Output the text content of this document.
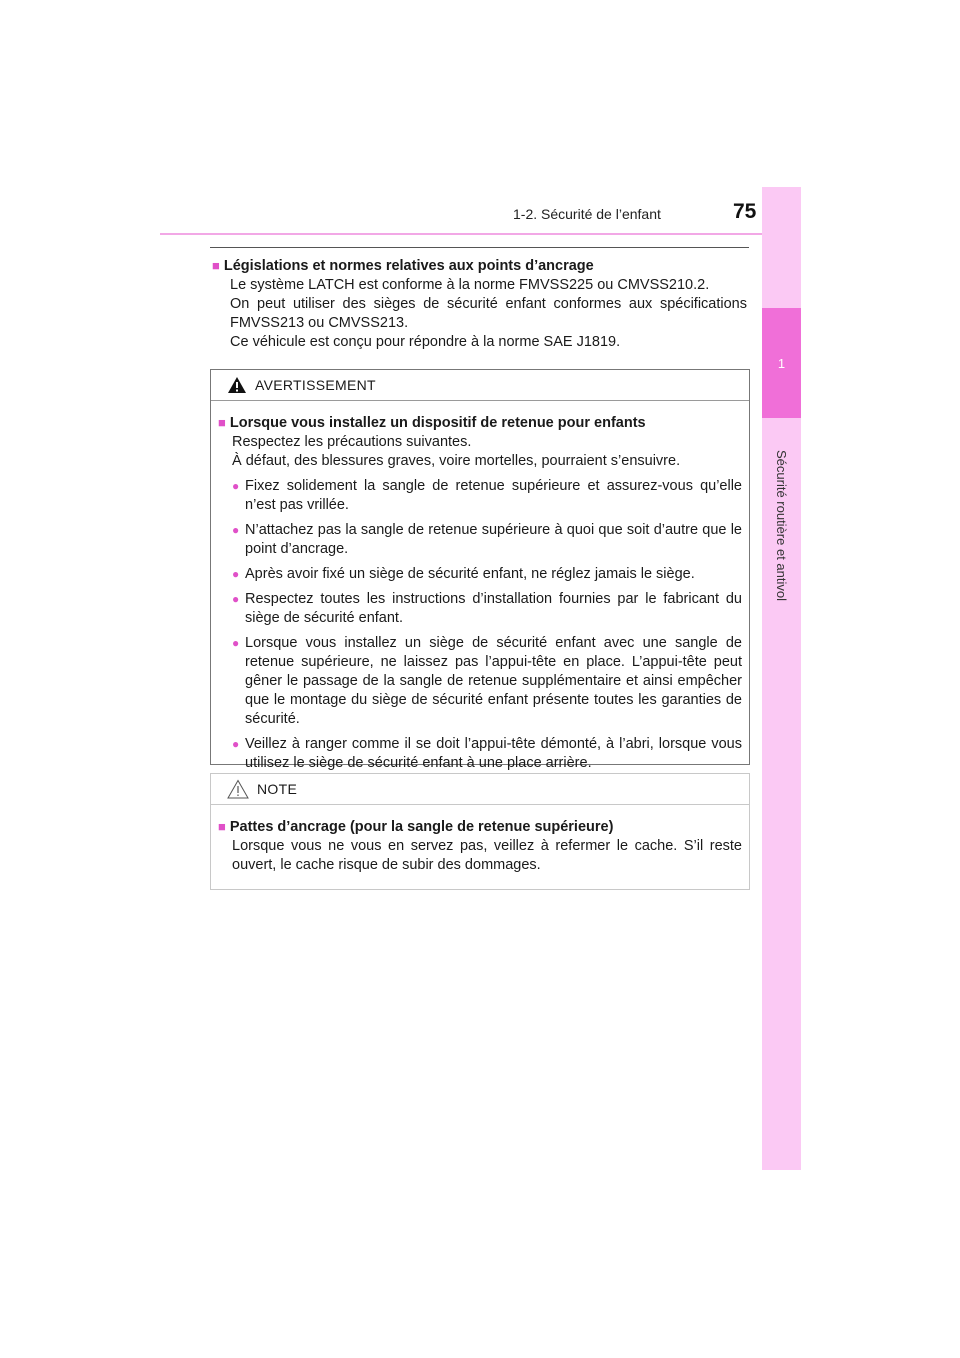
1-2. Sécurité de l’enfant	75
1
Sécurité routière et antivol
■ Législations et normes relatives aux points d’ancrage
Le système LATCH est conforme à la norme FMVSS225 ou CMVSS210.2.
On peut utiliser des sièges de sécurité enfant conformes aux spécifications FMVSS213 ou CMVSS213.
Ce véhicule est conçu pour répondre à la norme SAE J1819.
AVERTISSEMENT
■ Lorsque vous installez un dispositif de retenue pour enfants
Respectez les précautions suivantes.
À défaut, des blessures graves, voire mortelles, pourraient s’ensuivre.
● Fixez solidement la sangle de retenue supérieure et assurez-vous qu’elle n’est pas vrillée.
● N’attachez pas la sangle de retenue supérieure à quoi que soit d’autre que le point d’ancrage.
● Après avoir fixé un siège de sécurité enfant, ne réglez jamais le siège.
● Respectez toutes les instructions d’installation fournies par le fabricant du siège de sécurité enfant.
● Lorsque vous installez un siège de sécurité enfant avec une sangle de retenue supérieure, ne laissez pas l’appui-tête en place. L’appui-tête peut gêner le passage de la sangle de retenue supplémentaire et ainsi empêcher que le montage du siège de sécurité enfant présente toutes les garanties de sécurité.
● Veillez à ranger comme il se doit l’appui-tête démonté, à l’abri, lorsque vous utilisez le siège de sécurité enfant à une place arrière.
NOTE
■ Pattes d’ancrage (pour la sangle de retenue supérieure)
Lorsque vous ne vous en servez pas, veillez à refermer le cache. S’il reste ouvert, le cache risque de subir des dommages.
